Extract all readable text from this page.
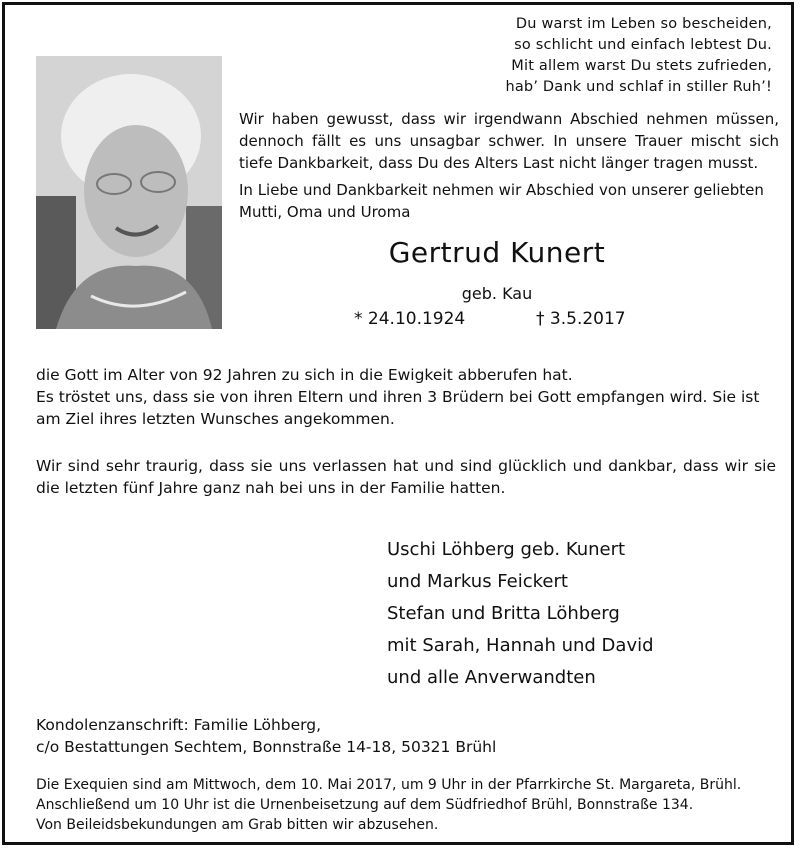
Du warst im Leben so bescheiden,
so schlicht und einfach lebtest Du.
Mit allem warst Du stets zufrieden,
hab’ Dank und schlaf in stiller Ruh’!
Wir haben gewusst, dass wir irgendwann Abschied nehmen müssen, dennoch fällt es uns unsagbar schwer. In unsere Trauer mischt sich tiefe Dankbarkeit, dass Du des Alters Last nicht länger tragen musst.
In Liebe und Dankbarkeit nehmen wir Abschied von unserer geliebten
Mutti, Oma und Uroma
Gertrud Kunert
geb. Kau
* 24.10.1924	† 3.5.2017
die Gott im Alter von 92 Jahren zu sich in die Ewigkeit abberufen hat.
Es tröstet uns, dass sie von ihren Eltern und ihren 3 Brüdern bei Gott empfangen wird. Sie ist
am Ziel ihres letzten Wunsches angekommen.
Wir sind sehr traurig, dass sie uns verlassen hat und sind glücklich und dankbar, dass wir sie die letzten fünf Jahre ganz nah bei uns in der Familie hatten.
Uschi Löhberg geb. Kunert
und Markus Feickert
Stefan und Britta Löhberg
mit Sarah, Hannah und David
und alle Anverwandten
Kondolenzanschrift: Familie Löhberg,
c/o Bestattungen Sechtem, Bonnstraße 14-18, 50321 Brühl
Die Exequien sind am Mittwoch, dem 10. Mai 2017, um 9 Uhr in der Pfarrkirche St. Margareta, Brühl.
Anschließend um 10 Uhr ist die Urnenbeisetzung auf dem Südfriedhof Brühl, Bonnstraße 134.
Von Beileidsbekundungen am Grab bitten wir abzusehen.
